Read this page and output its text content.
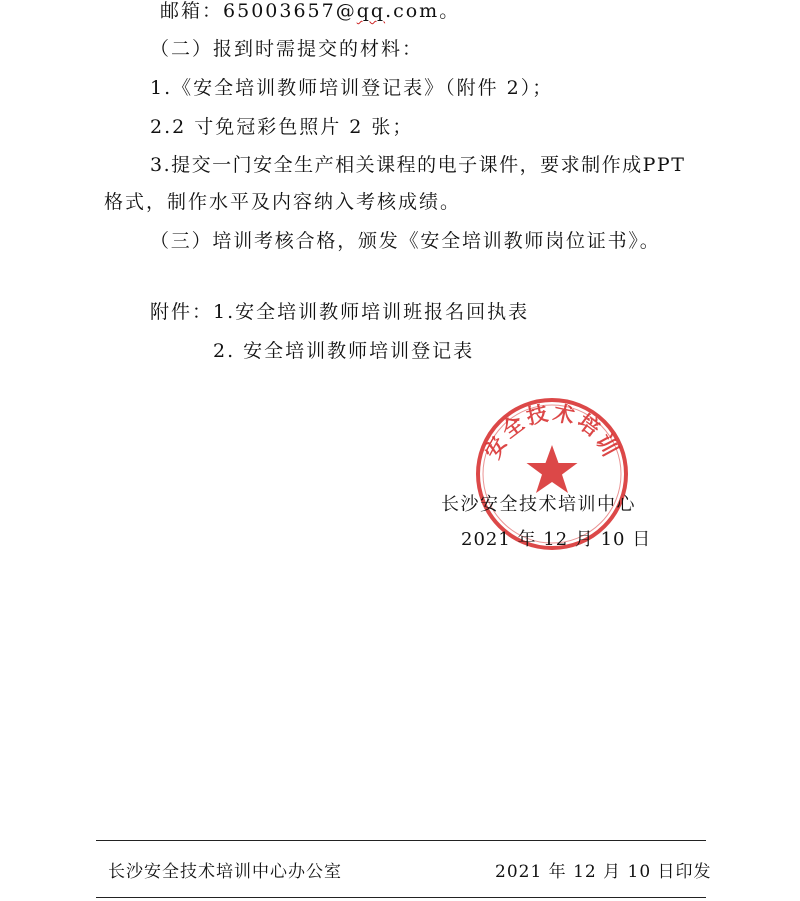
邮箱：65003657@qq.com。
（二）报到时需提交的材料：
1.《安全培训教师培训登记表》（附件 2）；
2.2 寸免冠彩色照片 2 张；
3.提交一门安全生产相关课程的电子课件，要求制作成PPT
格式，制作水平及内容纳入考核成绩。
（三）培训考核合格，颁发《安全培训教师岗位证书》。
附件：1.安全培训教师培训班报名回执表
2. 安全培训教师培训登记表
安全技术培训
长沙安全技术培训中心
2021 年 12 月 10 日
长沙安全技术培训中心办公室	2021 年 12 月 10 日印发
